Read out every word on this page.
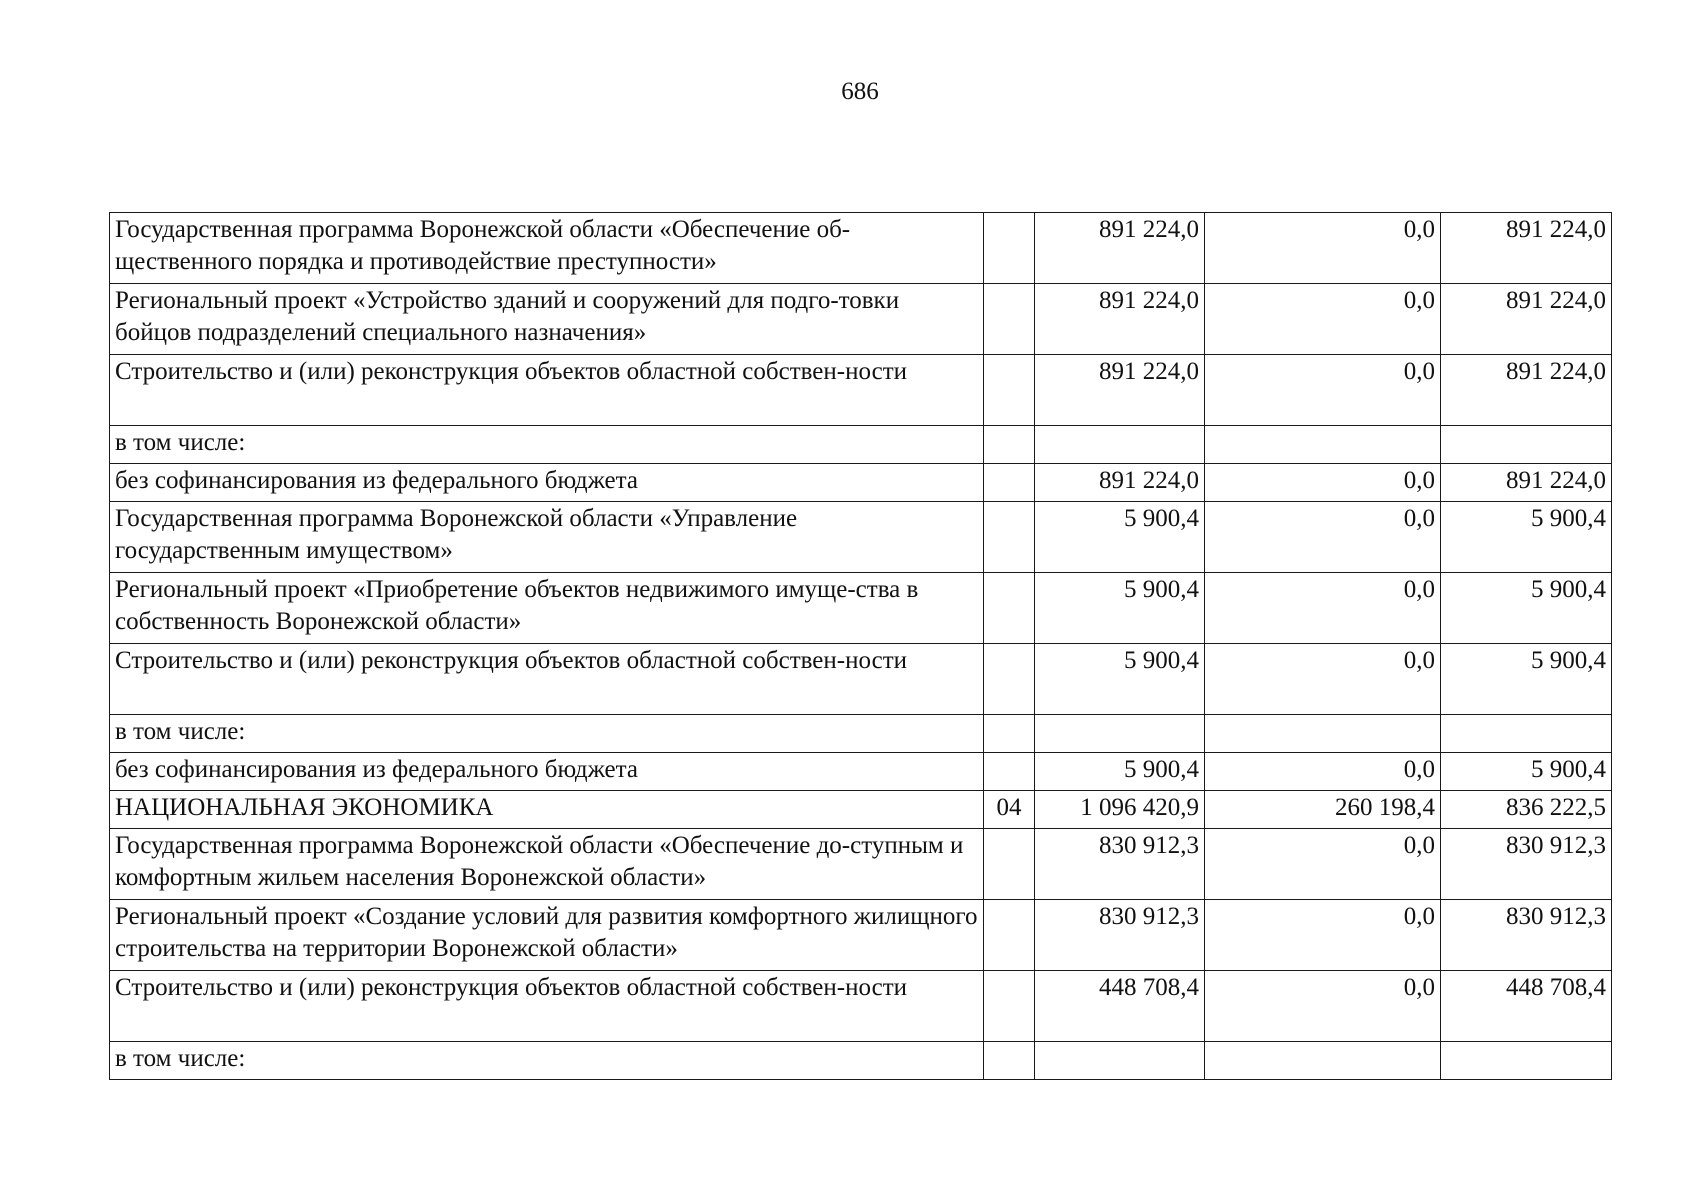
686
Государственная программа Воронежской области «Обеспечение об-щественного порядка и противодействие преступности»		891 224,0	0,0	891 224,0
Региональный проект «Устройство зданий и сооружений для подго-товки бойцов подразделений специального назначения»		891 224,0	0,0	891 224,0
Строительство и (или) реконструкция объектов областной собствен-ности		891 224,0	0,0	891 224,0
в том числе:				
без софинансирования из федерального бюджета		891 224,0	0,0	891 224,0
Государственная программа Воронежской области «Управление государственным имуществом»		5 900,4	0,0	5 900,4
Региональный проект «Приобретение объектов недвижимого имуще-ства в собственность Воронежской области»		5 900,4	0,0	5 900,4
Строительство и (или) реконструкция объектов областной собствен-ности		5 900,4	0,0	5 900,4
в том числе:				
без софинансирования из федерального бюджета		5 900,4	0,0	5 900,4
НАЦИОНАЛЬНАЯ ЭКОНОМИКА	04	1 096 420,9	260 198,4	836 222,5
Государственная программа Воронежской области «Обеспечение до-ступным и комфортным жильем населения Воронежской области»		830 912,3	0,0	830 912,3
Региональный проект «Создание условий для развития комфортного жилищного строительства на территории Воронежской области»		830 912,3	0,0	830 912,3
Строительство и (или) реконструкция объектов областной собствен-ности		448 708,4	0,0	448 708,4
в том числе:				
